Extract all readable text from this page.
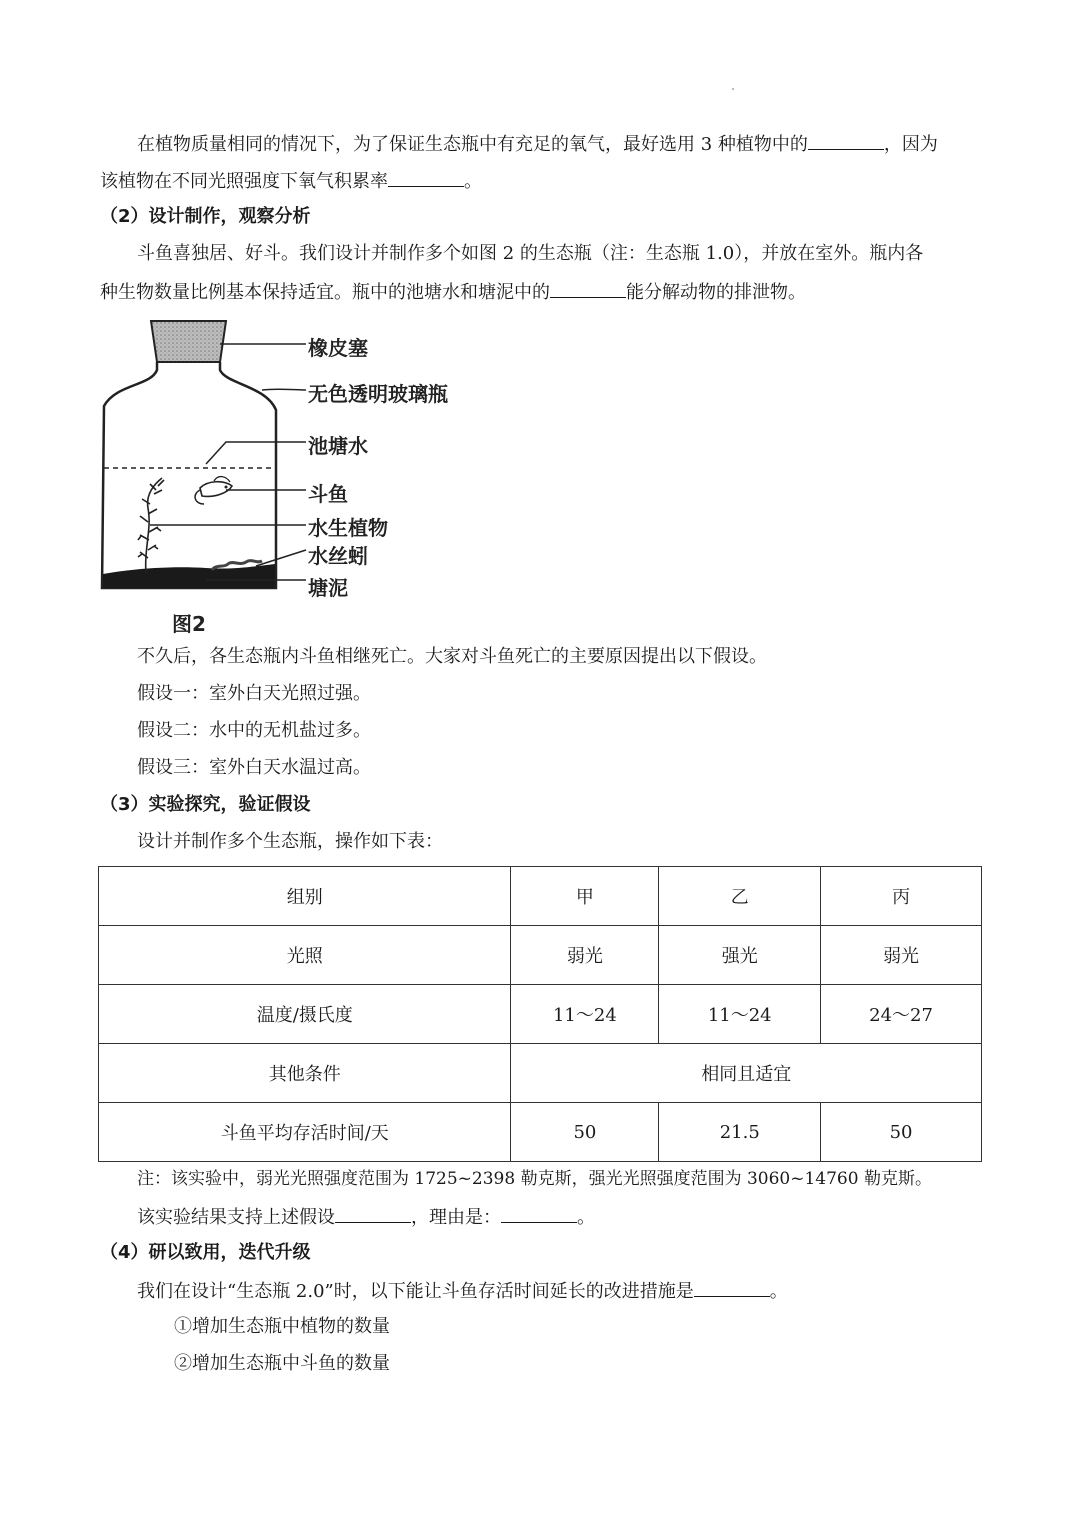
在植物质量相同的情况下，为了保证生态瓶中有充足的氧气，最好选用 3 种植物中的	，因为
该植物在不同光照强度下氧气积累率	。
（2）设计制作，观察分析
斗鱼喜独居、好斗。我们设计并制作多个如图 2 的生态瓶（注：生态瓶 1.0），并放在室外。瓶内各
种生物数量比例基本保持适宜。瓶中的池塘水和塘泥中的	能分解动物的排泄物。
橡皮塞
无色透明玻璃瓶
池塘水
斗鱼
水生植物
水丝蚓
塘泥
图2
不久后，各生态瓶内斗鱼相继死亡。大家对斗鱼死亡的主要原因提出以下假设。
假设一：室外白天光照过强。
假设二：水中的无机盐过多。
假设三：室外白天水温过高。
（3）实验探究，验证假设
设计并制作多个生态瓶，操作如下表：
组别	甲	乙	丙
光照	弱光	强光	弱光
温度/摄氏度	11～24	11～24	24～27
其他条件	相同且适宜		
斗鱼平均存活时间/天	50	21.5	50
注：该实验中，弱光光照强度范围为 1725~2398 勒克斯，强光光照强度范围为 3060~14760 勒克斯。
该实验结果支持上述假设	，理由是：	。
（4）研以致用，迭代升级
我们在设计“生态瓶 2.0”时，以下能让斗鱼存活时间延长的改进措施是	。
①增加生态瓶中植物的数量
②增加生态瓶中斗鱼的数量
